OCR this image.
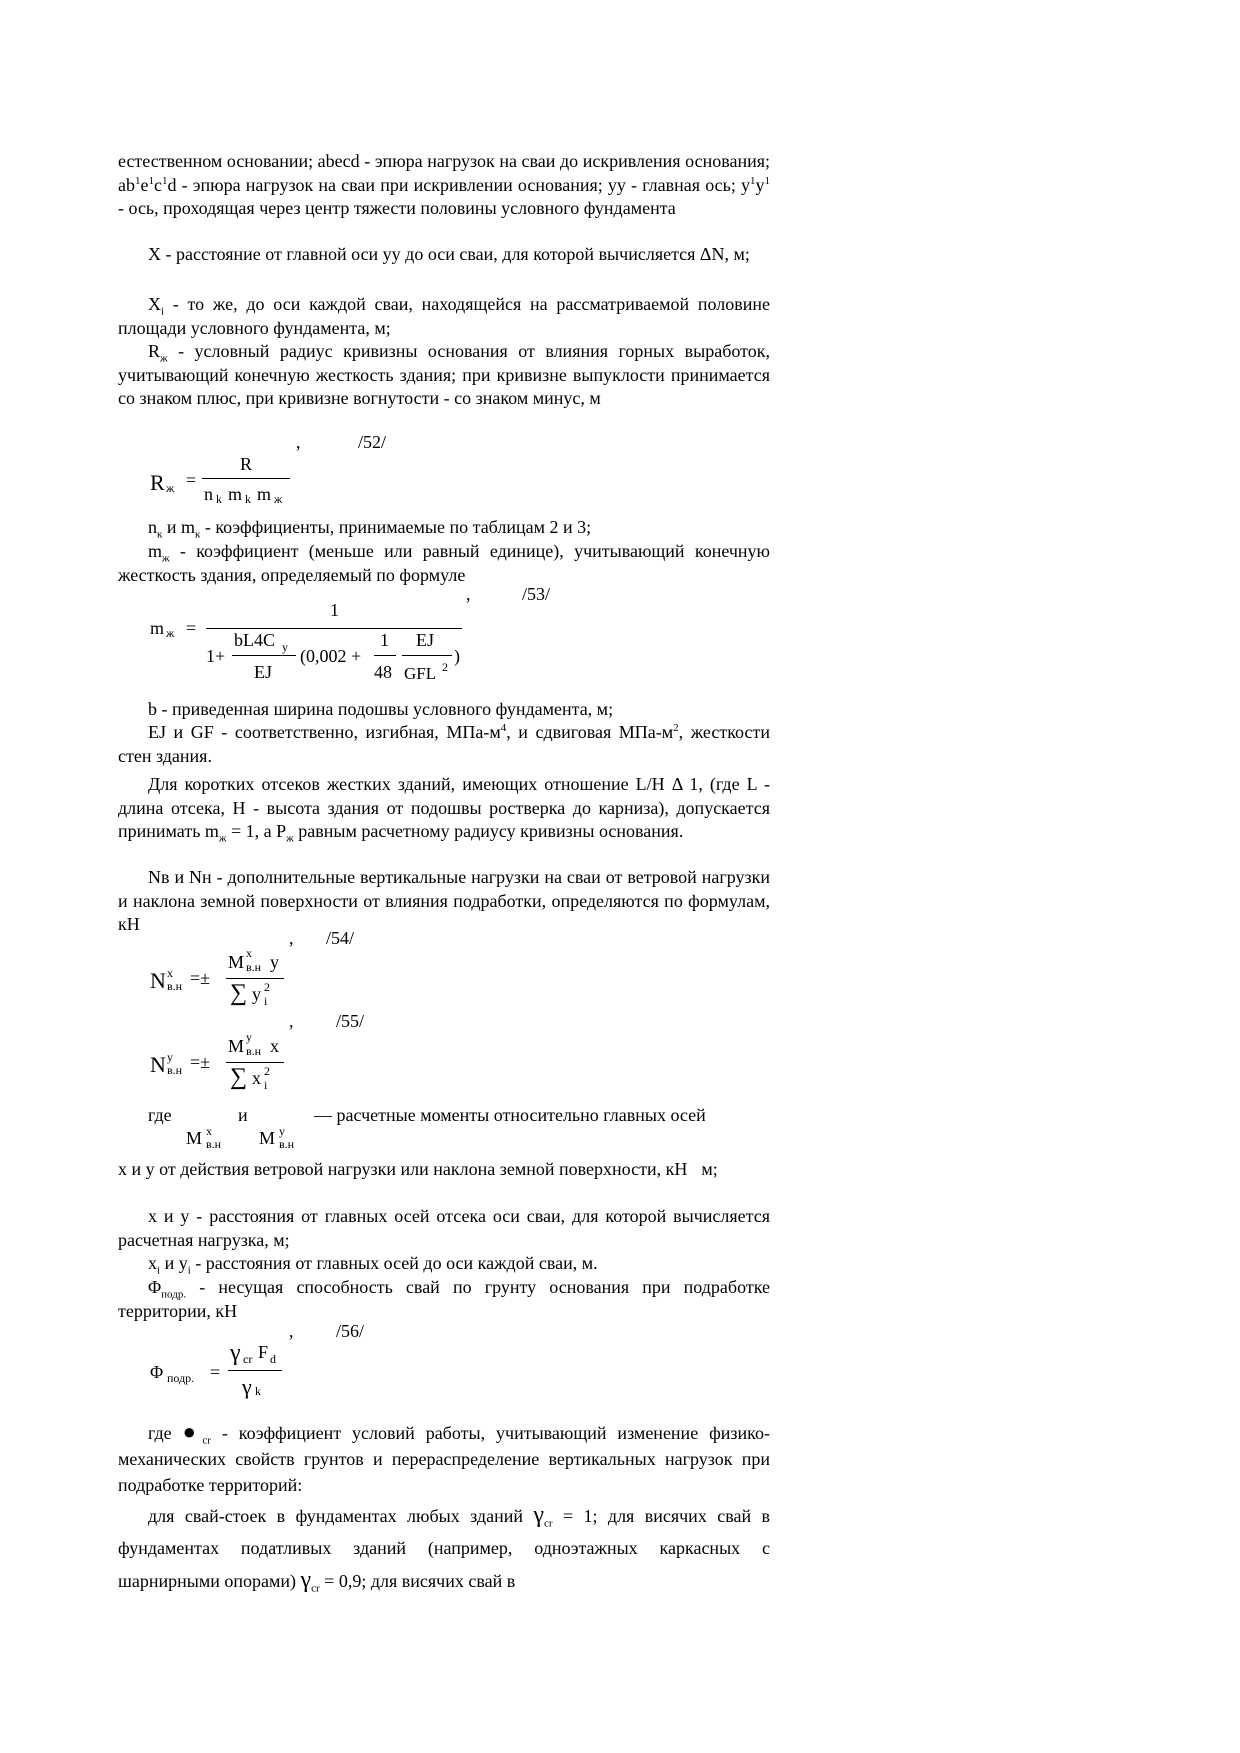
естественном основании; abecd - эпюра нагрузок на сваи до искривления основания; $ab^1e^1c^1d$ - эпюра нагрузок на сваи при искривлении основания; уу - главная ось; $у^1у^1$ - ось, проходящая через центр тяжести половины условного фундамента

X - расстояние от главной оси уу до оси сваи, для которой вычисляется ΔN, м;

$X_i$ - то же, до оси каждой сваи, находящейся на рассматриваемой половине площади условного фундамента, м;

$R_ж$ - условный радиус кривизны основания от влияния горных выработок, учитывающий конечную жесткость здания; при кривизне выпуклости принимается со знаком плюс, при кривизне вогнутости - со знаком минус, м

,	/52/
R ж =
R
n k m k m ж

$n_к$ и $m_к$ - коэффициенты, принимаемые по таблицам 2 и 3;

$m_ж$ - коэффициент (меньше или равный единице), учитывающий конечную жесткость здания, определяемый по формуле

,	/53/
m ж =
1
1+
bL4C y
EJ
(0,002 +
1
48
EJ
GFL 2
)

b - приведенная ширина подошвы условного фундамента, м;

EJ и GF - соответственно, изгибная, МПа-$м^4$, и сдвиговая МПа-$м^2$, жесткости стен здания.

Для коротких отсеков жестких зданий, имеющих отношение L/H Δ 1, (где L - длина отсека, H - высота здания от подошвы ростверка до карниза), допускается принимать $m_ж = 1$, а $P_ж$ равным расчетному радиусу кривизны основания.

Nв и Nн - дополнительные вертикальные нагрузки на сваи от ветровой нагрузки и наклона земной поверхности от влияния подработки, определяются по формулам, кН

, /54/
N x
в.н =±
M x
в.н y
∑ y 2
i
, /55/
N y
в.н =±
M y
в.н x
∑ x 2
i
где	и	— расчетные моменты относительно главных осей
M x
в.н M y
в.н

x и y от действия ветровой нагрузки или наклона земной поверхности, кН м;

x и y - расстояния от главных осей отсека оси сваи, для которой вычисляется расчетная нагрузка, м;

$x_i$ и $y_i$ - расстояния от главных осей до оси каждой сваи, м.

$\Phi_{подр.}$ - несущая способность свай по грунту основания при подработке территории, кН

, /56/
Φ подр. =
γ cr F d
γ k

где $●_{cr}$ - коэффициент условий работы, учитывающий изменение физико-механических свойств грунтов и перераспределение вертикальных нагрузок при подработке территорий:

для свай-стоек в фундаментах любых зданий $\gamma_{cr} = 1$; для висячих свай в фундаментах податливых зданий (например, одноэтажных каркасных с шарнирными опорами) $\gamma_{cr} = 0,9$; для висячих свай в
